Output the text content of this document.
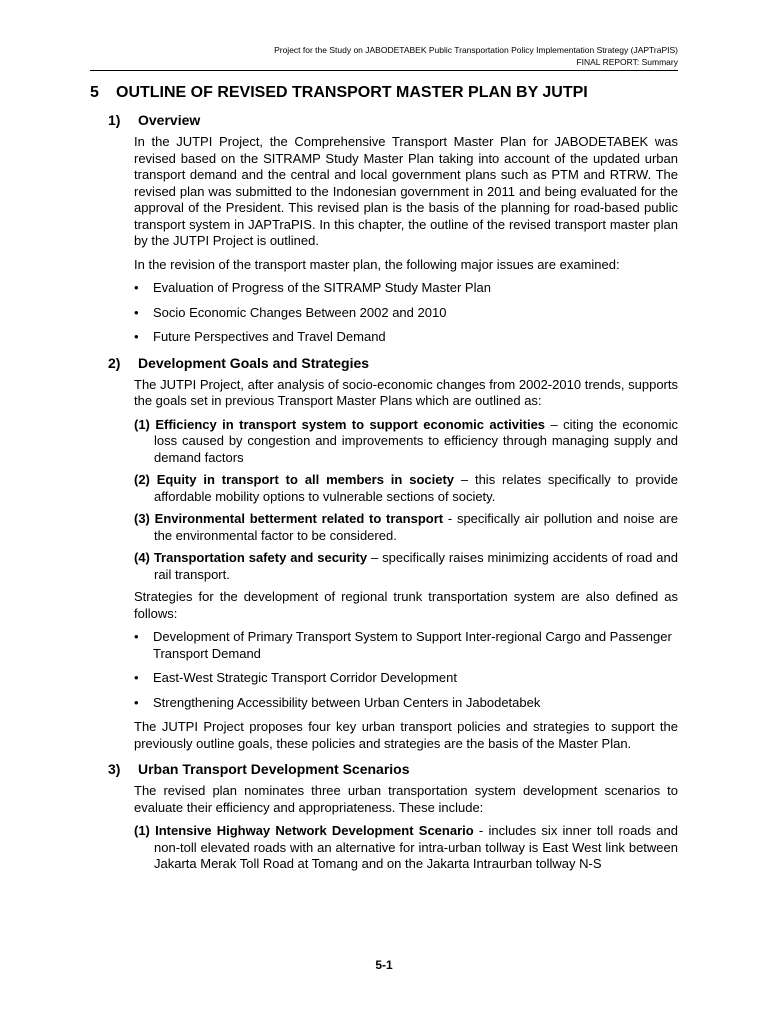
Project for the Study on JABODETABEK Public Transportation Policy Implementation Strategy (JAPTraPIS)
FINAL REPORT: Summary
5 OUTLINE OF REVISED TRANSPORT MASTER PLAN BY JUTPI
1) Overview

In the JUTPI Project, the Comprehensive Transport Master Plan for JABODETABEK was revised based on the SITRAMP Study Master Plan taking into account of the updated urban transport demand and the central and local government plans such as PTM and RTRW. The revised plan was submitted to the Indonesian government in 2011 and being evaluated for the approval of the President. This revised plan is the basis of the planning for road-based public transport system in JAPTraPIS. In this chapter, the outline of the revised transport master plan by the JUTPI Project is outlined.

In the revision of the transport master plan, the following major issues are examined:

• Evaluation of Progress of the SITRAMP Study Master Plan
• Socio Economic Changes Between 2002 and 2010
• Future Perspectives and Travel Demand
2) Development Goals and Strategies

The JUTPI Project, after analysis of socio-economic changes from 2002-2010 trends, supports the goals set in previous Transport Master Plans which are outlined as:

(1) Efficiency in transport system to support economic activities – citing the economic loss caused by congestion and improvements to efficiency through managing supply and demand factors
(2) Equity in transport to all members in society – this relates specifically to provide affordable mobility options to vulnerable sections of society.
(3) Environmental betterment related to transport - specifically air pollution and noise are the environmental factor to be considered.
(4) Transportation safety and security – specifically raises minimizing accidents of road and rail transport.

Strategies for the development of regional trunk transportation system are also defined as follows:

• Development of Primary Transport System to Support Inter-regional Cargo and Passenger Transport Demand
• East-West Strategic Transport Corridor Development
• Strengthening Accessibility between Urban Centers in Jabodetabek

The JUTPI Project proposes four key urban transport policies and strategies to support the previously outline goals, these policies and strategies are the basis of the Master Plan.

3) Urban Transport Development Scenarios

The revised plan nominates three urban transportation system development scenarios to evaluate their efficiency and appropriateness. These include:

(1) Intensive Highway Network Development Scenario - includes six inner toll roads and non-toll elevated roads with an alternative for intra-urban tollway is East West link between Jakarta Merak Toll Road at Tomang and on the Jakarta Intraurban tollway N-S
5-1
